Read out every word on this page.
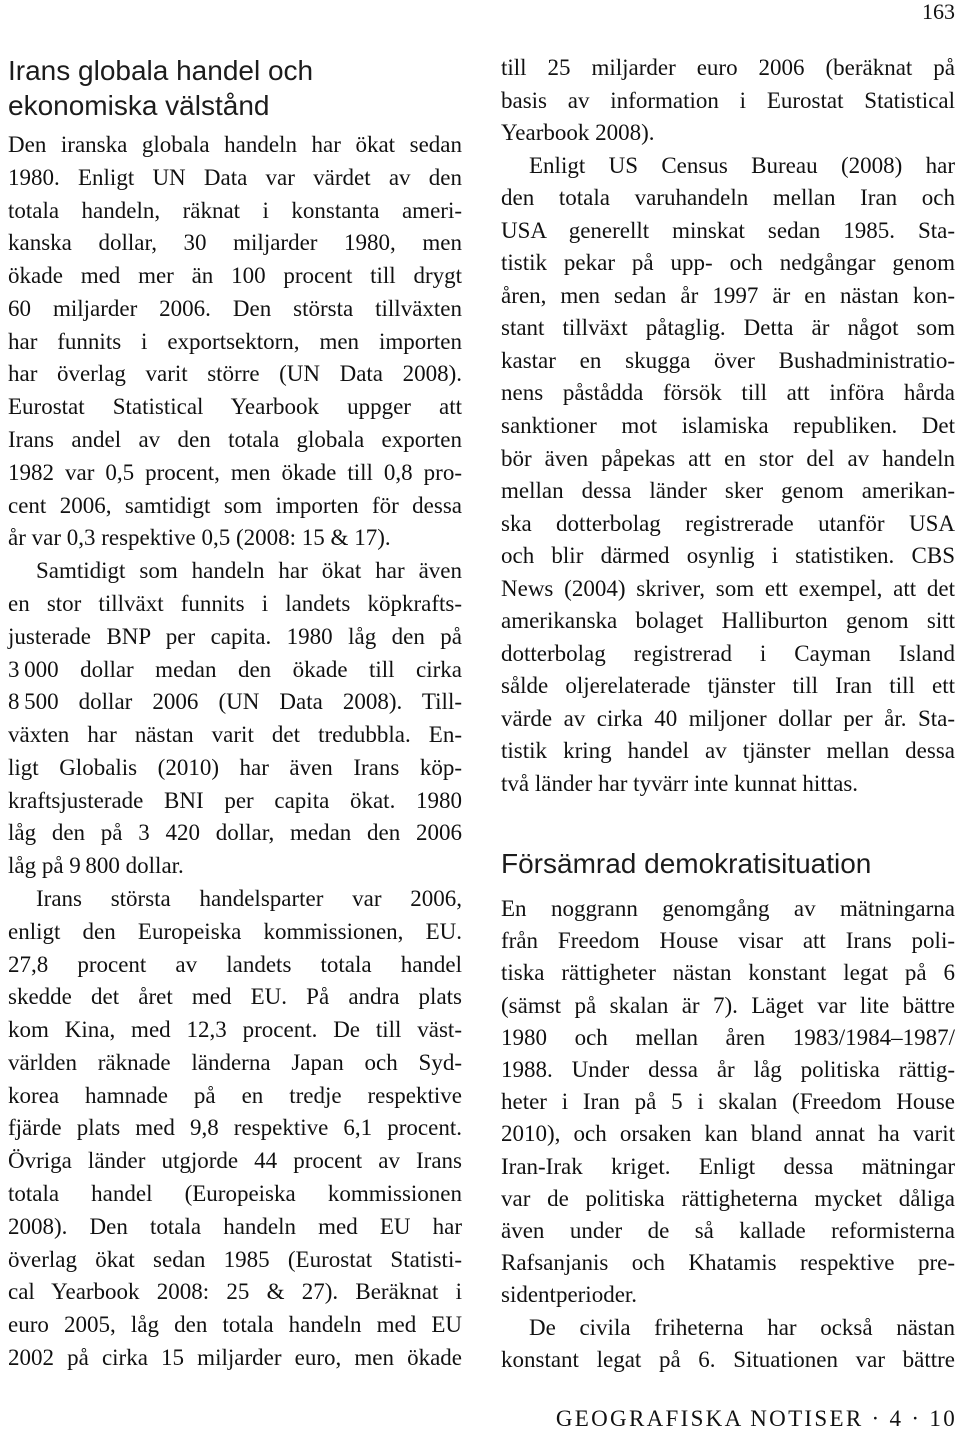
163
Irans globala handel och
ekonomiska välstånd
Den iranska globala handeln har ökat sedan
1980. Enligt UN Data var värdet av den
totala handeln, räknat i konstanta ameri-
kanska dollar, 30 miljarder 1980, men
ökade med mer än 100 procent till drygt
60 miljarder 2006. Den största tillväxten
har funnits i exportsektorn, men importen
har överlag varit större (UN Data 2008).
Eurostat Statistical Yearbook uppger att
Irans andel av den totala globala exporten
1982 var 0,5 procent, men ökade till 0,8 pro-
cent 2006, samtidigt som importen för dessa
år var 0,3 respektive 0,5 (2008: 15 & 17).
Samtidigt som handeln har ökat har även
en stor tillväxt funnits i landets köpkrafts-
justerade BNP per capita. 1980 låg den på
3 000 dollar medan den ökade till cirka
8 500 dollar 2006 (UN Data 2008). Till-
växten har nästan varit det tredubbla. En-
ligt Globalis (2010) har även Irans köp-
kraftsjusterade BNI per capita ökat. 1980
låg den på 3 420 dollar, medan den 2006
låg på 9 800 dollar.
Irans största handelsparter var 2006,
enligt den Europeiska kommissionen, EU.
27,8 procent av landets totala handel
skedde det året med EU. På andra plats
kom Kina, med 12,3 procent. De till väst-
världen räknade länderna Japan och Syd-
korea hamnade på en tredje respektive
fjärde plats med 9,8 respektive 6,1 procent.
Övriga länder utgjorde 44 procent av Irans
totala handel (Europeiska kommissionen
2008). Den totala handeln med EU har
överlag ökat sedan 1985 (Eurostat Statisti-
cal Yearbook 2008: 25 & 27). Beräknat i
euro 2005, låg den totala handeln med EU
2002 på cirka 15 miljarder euro, men ökade
till 25 miljarder euro 2006 (beräknat på
basis av information i Eurostat Statistical
Yearbook 2008).
Enligt US Census Bureau (2008) har
den totala varuhandeln mellan Iran och
USA generellt minskat sedan 1985. Sta-
tistik pekar på upp- och nedgångar genom
åren, men sedan år 1997 är en nästan kon-
stant tillväxt påtaglig. Detta är något som
kastar en skugga över Bushadministratio-
nens påstådda försök till att införa hårda
sanktioner mot islamiska republiken. Det
bör även påpekas att en stor del av handeln
mellan dessa länder sker genom amerikan-
ska dotterbolag registrerade utanför USA
och blir därmed osynlig i statistiken. CBS
News (2004) skriver, som ett exempel, att det
amerikanska bolaget Halliburton genom sitt
dotterbolag registrerad i Cayman Island
sålde oljerelaterade tjänster till Iran till ett
värde av cirka 40 miljoner dollar per år. Sta-
tistik kring handel av tjänster mellan dessa
två länder har tyvärr inte kunnat hittas.
Försämrad demokratisituation
En noggrann genomgång av mätningarna
från Freedom House visar att Irans poli-
tiska rättigheter nästan konstant legat på 6
(sämst på skalan är 7). Läget var lite bättre
1980 och mellan åren 1983/1984–1987/
1988. Under dessa år låg politiska rättig-
heter i Iran på 5 i skalan (Freedom House
2010), och orsaken kan bland annat ha varit
Iran-Irak kriget. Enligt dessa mätningar
var de politiska rättigheterna mycket dåliga
även under de så kallade reformisterna
Rafsanjanis och Khatamis respektive pre-
sidentperioder.
De civila friheterna har också nästan
konstant legat på 6. Situationen var bättre
GEOGRAFISKA NOTISER · 4 · 10
